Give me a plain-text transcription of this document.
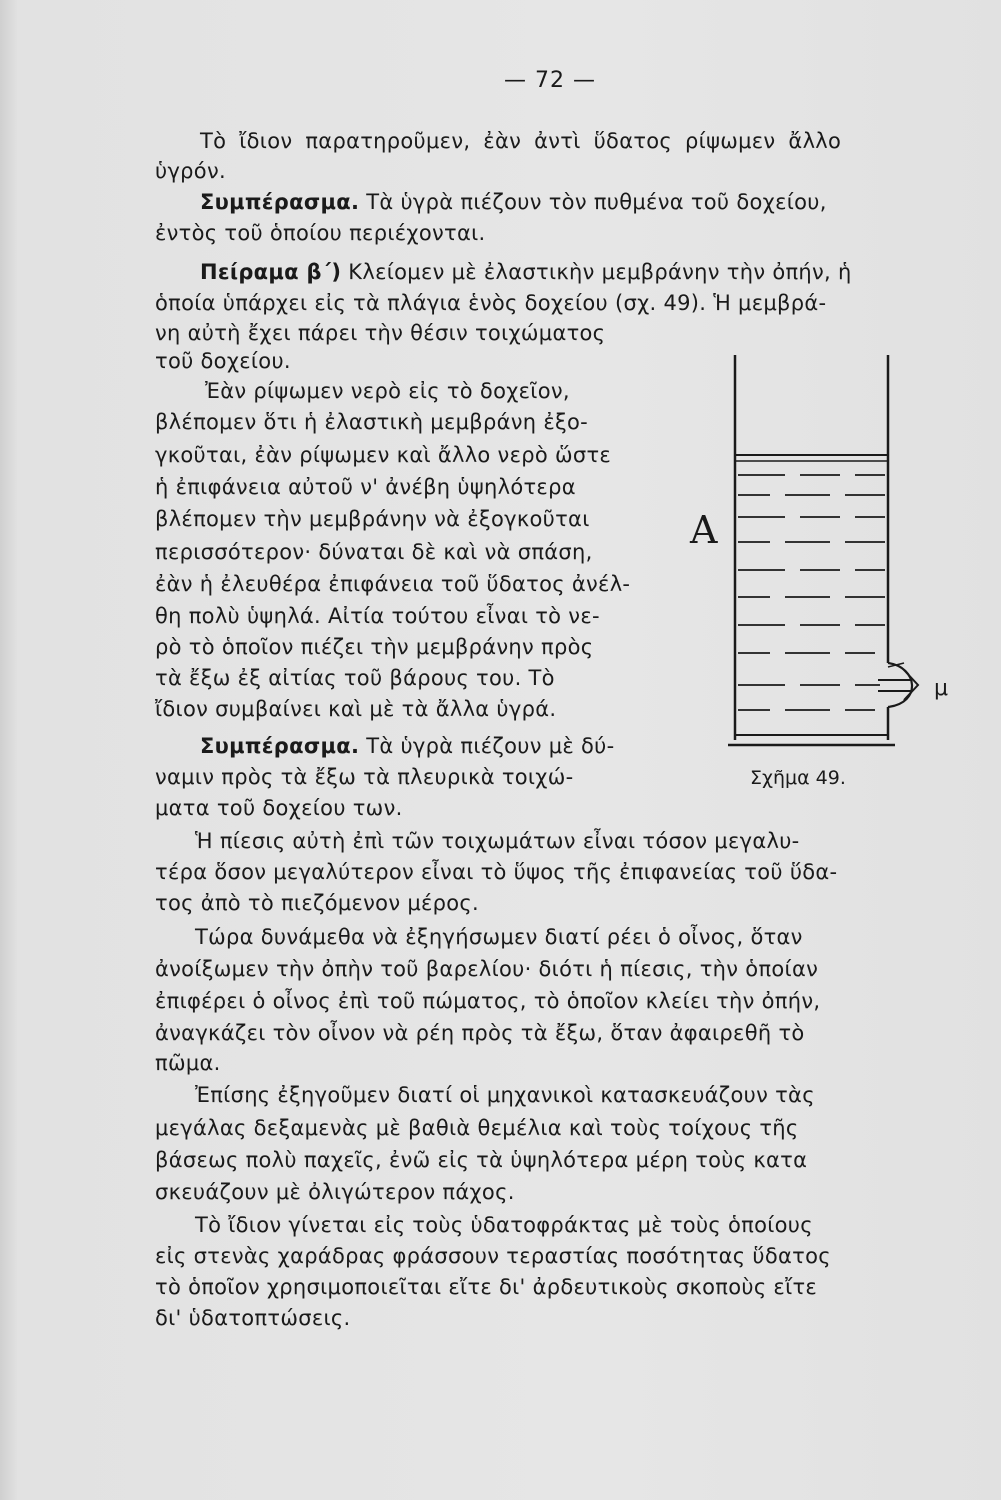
— 72 —
Τὸ ἴδιον παρατηροῦμεν, ἐὰν ἀντὶ ὕδατος ρίψωμεν ἄλλο
ὑγρόν.
Συμπέρασμα. Τὰ ὑγρὰ πιέζουν τὸν πυθμένα τοῦ δοχείου,
ἐντὸς τοῦ ὁποίου περιέχονται.
Πείραμα β΄) Κλείομεν μὲ ἐλαστικὴν μεμβράνην τὴν ὀπήν, ἡ
ὁποία ὑπάρχει εἰς τὰ πλάγια ἑνὸς δοχείου (σχ. 49). Ἡ μεμβρά-
νη αὐτὴ ἔχει πάρει τὴν θέσιν τοιχώματος
τοῦ δοχείου.
Ἐὰν ρίψωμεν νερὸ εἰς τὸ δοχεῖον,
βλέπομεν ὅτι ἡ ἐλαστικὴ μεμβράνη ἐξο-
γκοῦται, ἐὰν ρίψωμεν καὶ ἄλλο νερὸ ὥστε
ἡ ἐπιφάνεια αὐτοῦ ν' ἀνέβη ὑψηλότερα
βλέπομεν τὴν μεμβράνην νὰ ἐξογκοῦται
περισσότερον· δύναται δὲ καὶ νὰ σπάση,
ἐὰν ἡ ἐλευθέρα ἐπιφάνεια τοῦ ὕδατος ἀνέλ-
θη πολὺ ὑψηλά. Αἰτία τούτου εἶναι τὸ νε-
ρὸ τὸ ὁποῖον πιέζει τὴν μεμβράνην πρὸς
τὰ ἔξω ἐξ αἰτίας τοῦ βάρους του. Τὸ
ἴδιον συμβαίνει καὶ μὲ τὰ ἄλλα ὑγρά.
Συμπέρασμα. Τὰ ὑγρὰ πιέζουν μὲ δύ-
ναμιν πρὸς τὰ ἔξω τὰ πλευρικὰ τοιχώ-
ματα τοῦ δοχείου των.
Ἡ πίεσις αὐτὴ ἐπὶ τῶν τοιχωμάτων εἶναι τόσον μεγαλυ-
τέρα ὅσον μεγαλύτερον εἶναι τὸ ὕψος τῆς ἐπιφανείας τοῦ ὕδα-
τος ἀπὸ τὸ πιεζόμενον μέρος.
Τώρα δυνάμεθα νὰ ἐξηγήσωμεν διατί ρέει ὁ οἶνος, ὅταν
ἀνοίξωμεν τὴν ὀπὴν τοῦ βαρελίου· διότι ἡ πίεσις, τὴν ὁποίαν
ἐπιφέρει ὁ οἶνος ἐπὶ τοῦ πώματος, τὸ ὁποῖον κλείει τὴν ὀπήν,
ἀναγκάζει τὸν οἶνον νὰ ρέη πρὸς τὰ ἔξω, ὅταν ἀφαιρεθῆ τὸ
πῶμα.
Ἐπίσης ἐξηγοῦμεν διατί οἱ μηχανικοὶ κατασκευάζουν τὰς
μεγάλας δεξαμενὰς μὲ βαθιὰ θεμέλια καὶ τοὺς τοίχους τῆς
βάσεως πολὺ παχεῖς, ἐνῶ εἰς τὰ ὑψηλότερα μέρη τοὺς κατα
σκευάζουν μὲ ὀλιγώτερον πάχος.
Τὸ ἴδιον γίνεται εἰς τοὺς ὑδατοφράκτας μὲ τοὺς ὁποίους
εἰς στενὰς χαράδρας φράσσουν τεραστίας ποσότητας ὕδατος
τὸ ὁποῖον χρησιμοποιεῖται εἴτε δι' ἀρδευτικοὺς σκοποὺς εἴτε
δι' ὑδατοπτώσεις.
Α
μ
Σχῆμα 49.
